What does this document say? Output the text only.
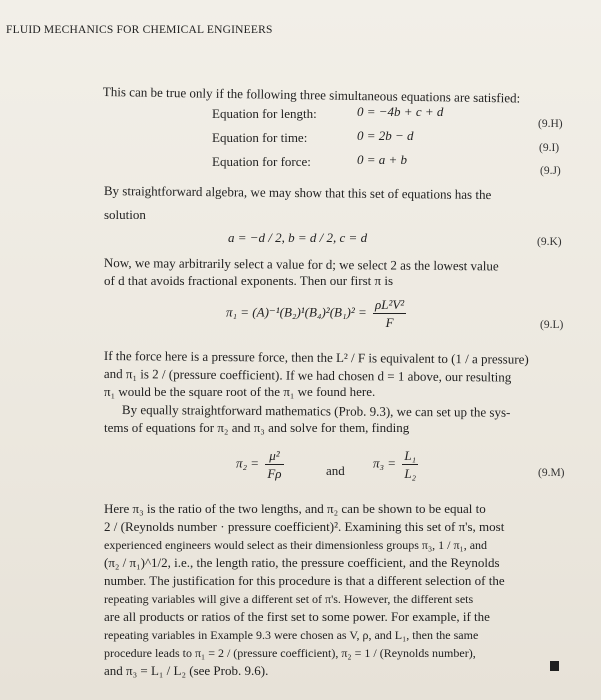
FLUID MECHANICS FOR CHEMICAL ENGINEERS
This can be true only if the following three simultaneous equations are satisfied:
Equation for length:	0 = −4b + c + d
(9.H)
Equation for time:	0 = 2b − d
(9.I)
Equation for force:	0 = a + b
(9.J)
By straightforward algebra, we may show that this set of equations has the
solution
a = −d / 2, b = d / 2, c = d	(9.K)
Now, we may arbitrarily select a value for d; we select 2 as the lowest value
of d that avoids fractional exponents. Then our first π is
$\pi_1 = (A)^{-1}(B_2)^1(B_4)^2(B_1)^2 = \frac{\text{ρL²V²}}{F}$	(9.L)
If the force here is a pressure force, then the L² / F is equivalent to (1 / a pressure)
and π₁ is 2 / (pressure coefficient). If we had chosen d = 1 above, our resulting
π₁ would be the square root of the π₁ we found here.
By equally straightforward mathematics (Prob. 9.3), we can set up the sys-
tems of equations for π₂ and π₃ and solve for them, finding
$\pi_2 = \frac{\text{μ²}}{F\rho}$	and
$\pi_3 = \frac{\text{L₁}}{\text{L₂}}$	(9.M)
Here π₃ is the ratio of the two lengths, and π₂ can be shown to be equal to
2 / (Reynolds number · pressure coefficient)². Examining this set of π's, most
experienced engineers would select as their dimensionless groups π₃, 1 / π₁, and
(π₂ / π₁)^1/2, i.e., the length ratio, the pressure coefficient, and the Reynolds
number. The justification for this procedure is that a different selection of the
repeating variables will give a different set of π's. However, the different sets
are all products or ratios of the first set to some power. For example, if the
repeating variables in Example 9.3 were chosen as V, ρ, and L₁, then the same
procedure leads to π₁ = 2 / (pressure coefficient), π₂ = 1 / (Reynolds number),
and π₃ = L₁ / L₂ (see Prob. 9.6).
